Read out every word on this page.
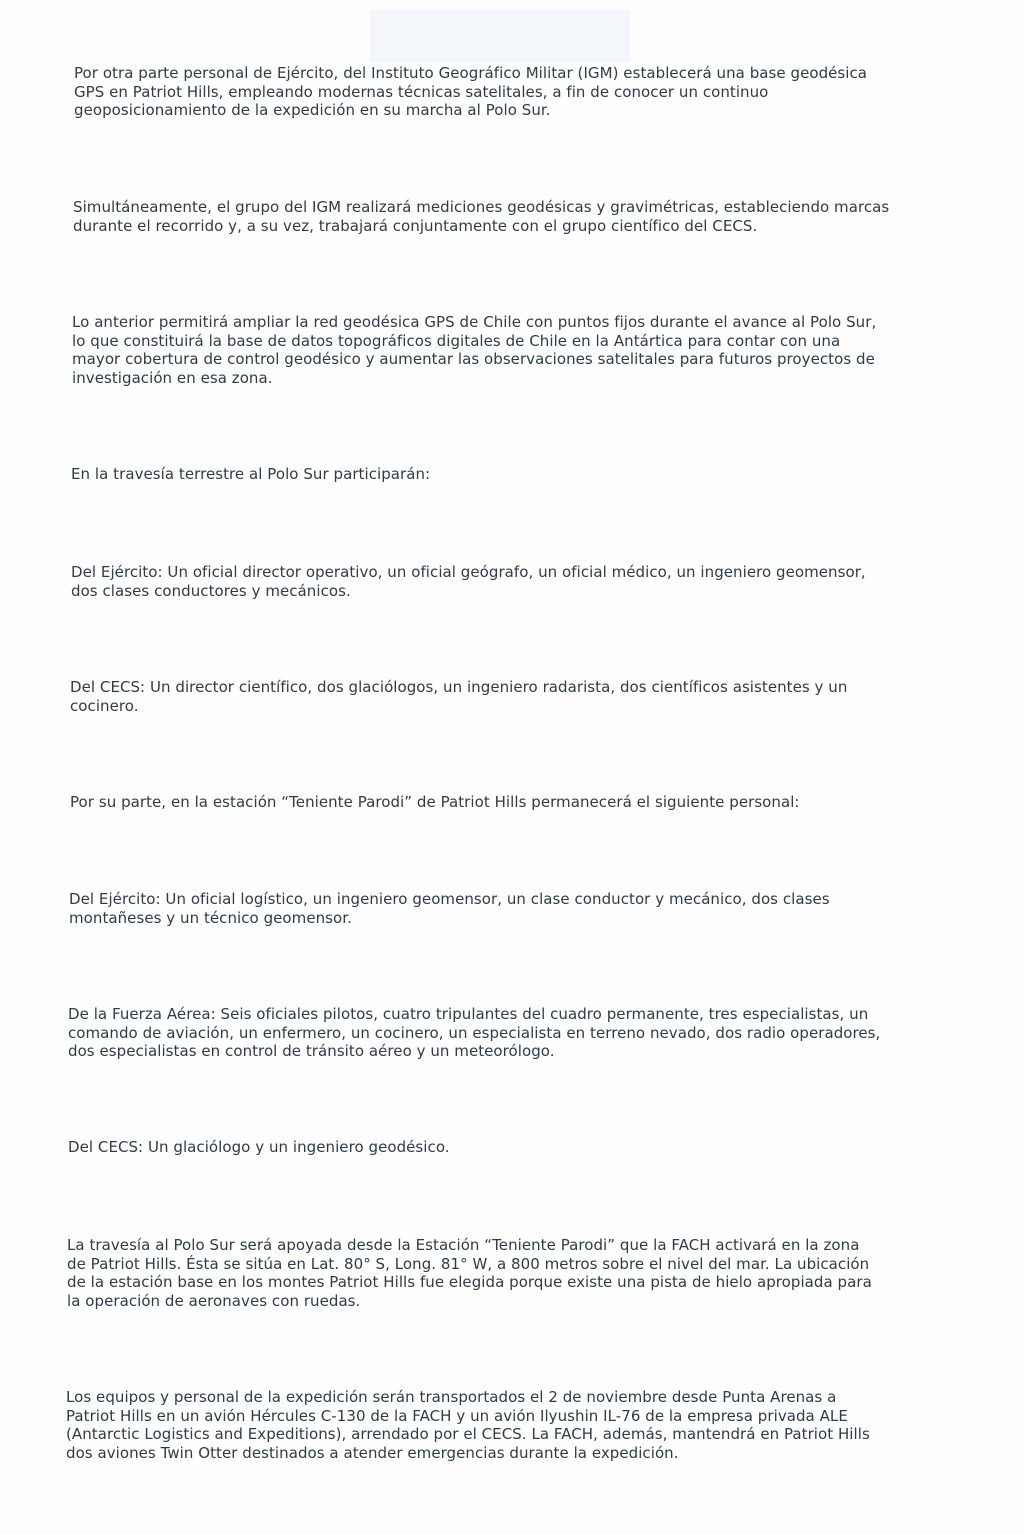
Por otra parte personal de Ejército, del Instituto Geográfico Militar (IGM) establecerá una base geodésica
GPS en Patriot Hills, empleando modernas técnicas satelitales, a fin de conocer un continuo
geoposicionamiento de la expedición en su marcha al Polo Sur.

Simultáneamente, el grupo del IGM realizará mediciones geodésicas y gravimétricas, estableciendo marcas
durante el recorrido y, a su vez, trabajará conjuntamente con el grupo científico del CECS.

Lo anterior permitirá ampliar la red geodésica GPS de Chile con puntos fijos durante el avance al Polo Sur,
lo que constituirá la base de datos topográficos digitales de Chile en la Antártica para contar con una
mayor cobertura de control geodésico y aumentar las observaciones satelitales para futuros proyectos de
investigación en esa zona.

En la travesía terrestre al Polo Sur participarán:

Del Ejército: Un oficial director operativo, un oficial geógrafo, un oficial médico, un ingeniero geomensor,
dos clases conductores y mecánicos.

Del CECS: Un director científico, dos glaciólogos, un ingeniero radarista, dos científicos asistentes y un
cocinero.

Por su parte, en la estación “Teniente Parodi” de Patriot Hills permanecerá el siguiente personal:

Del Ejército: Un oficial logístico, un ingeniero geomensor, un clase conductor y mecánico, dos clases
montañeses y un técnico geomensor.

De la Fuerza Aérea: Seis oficiales pilotos, cuatro tripulantes del cuadro permanente, tres especialistas, un
comando de aviación, un enfermero, un cocinero, un especialista en terreno nevado, dos radio operadores,
dos especialistas en control de tránsito aéreo y un meteorólogo.

Del CECS: Un glaciólogo y un ingeniero geodésico.

La travesía al Polo Sur será apoyada desde la Estación “Teniente Parodi” que la FACH activará en la zona
de Patriot Hills. Ésta se sitúa en Lat. 80° S, Long. 81° W, a 800 metros sobre el nivel del mar. La ubicación
de la estación base en los montes Patriot Hills fue elegida porque existe una pista de hielo apropiada para
la operación de aeronaves con ruedas.

Los equipos y personal de la expedición serán transportados el 2 de noviembre desde Punta Arenas a
Patriot Hills en un avión Hércules C-130 de la FACH y un avión Ilyushin IL-76 de la empresa privada ALE
(Antarctic Logistics and Expeditions), arrendado por el CECS. La FACH, además, mantendrá en Patriot Hills
dos aviones Twin Otter destinados a atender emergencias durante la expedición.
